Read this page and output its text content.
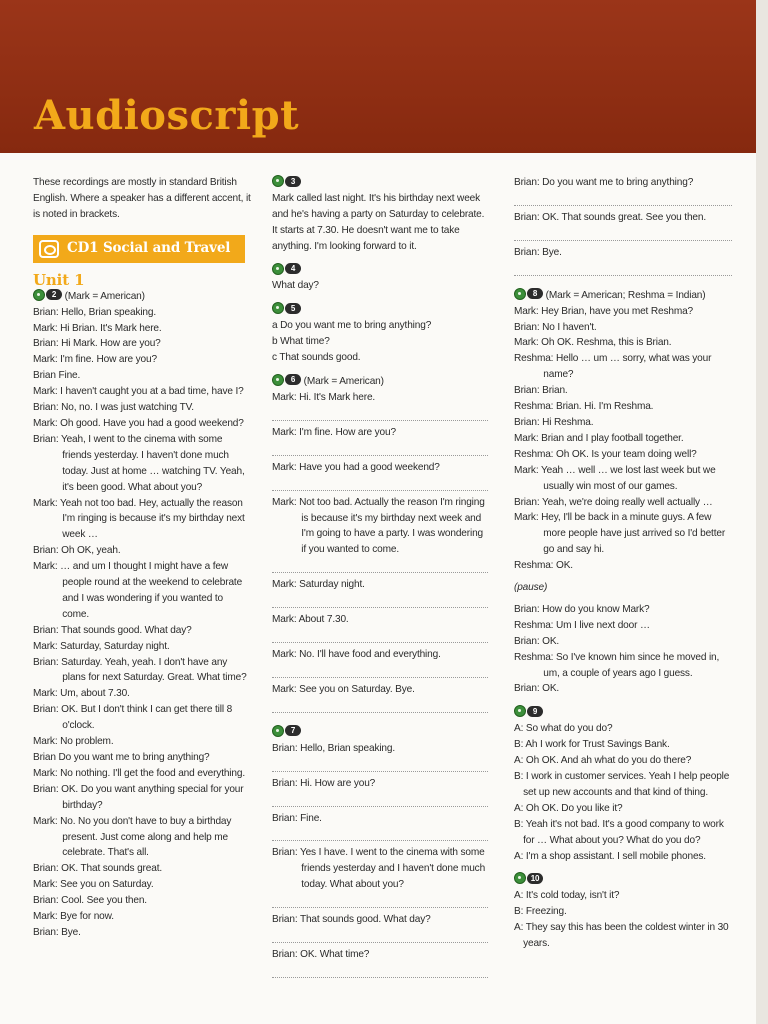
Audioscript

These recordings are mostly in standard British English. Where a speaker has a different accent, it is noted in brackets.

CD1 Social and Travel
Unit 1
2 (Mark = American)
Brian: Hello, Brian speaking.
Mark: Hi Brian. It's Mark here.
Brian: Hi Mark. How are you?
Mark: I'm fine. How are you?
Brian Fine.
Mark: I haven't caught you at a bad time, have I?
Brian: No, no. I was just watching TV.
Mark: Oh good. Have you had a good weekend?
Brian: Yeah, I went to the cinema with some friends yesterday. I haven't done much today. Just at home … watching TV. Yeah, it's been good. What about you?
Mark: Yeah not too bad. Hey, actually the reason I'm ringing is because it's my birthday next week …
Brian: Oh OK, yeah.
Mark: … and um I thought I might have a few people round at the weekend to celebrate and I was wondering if you wanted to come.
Brian: That sounds good. What day?
Mark: Saturday, Saturday night.
Brian: Saturday. Yeah, yeah. I don't have any plans for next Saturday. Great. What time?
Mark: Um, about 7.30.
Brian: OK. But I don't think I can get there till 8 o'clock.
Mark: No problem.
Brian Do you want me to bring anything?
Mark: No nothing. I'll get the food and everything.
Brian: OK. Do you want anything special for your birthday?
Mark: No. No you don't have to buy a birthday present. Just come along and help me celebrate. That's all.
Brian: OK. That sounds great.
Mark: See you on Saturday.
Brian: Cool. See you then.
Mark: Bye for now.
Brian: Bye.
3

Mark called last night. It's his birthday next week and he's having a party on Saturday to celebrate. It starts at 7.30. He doesn't want me to take anything. I'm looking forward to it.

4

What day?

5
a Do you want me to bring anything?
b What time?
c That sounds good.
6 (Mark = American)
Mark: Hi. It's Mark here.
Mark: I'm fine. How are you?
Mark: Have you had a good weekend?
Mark: Not too bad. Actually the reason I'm ringing is because it's my birthday next week and I'm going to have a party. I was wondering if you wanted to come.
Mark: Saturday night.
Mark: About 7.30.
Mark: No. I'll have food and everything.
Mark: See you on Saturday. Bye.
7
Brian: Hello, Brian speaking.
Brian: Hi. How are you?
Brian: Fine.
Brian: Yes I have. I went to the cinema with some friends yesterday and I haven't done much today. What about you?
Brian: That sounds good. What day?
Brian: OK. What time?
Brian: Do you want me to bring anything?
Brian: OK. That sounds great. See you then.
Brian: Bye.
8 (Mark = American; Reshma = Indian)
Mark: Hey Brian, have you met Reshma?
Brian: No I haven't.
Mark: Oh OK. Reshma, this is Brian.
Reshma: Hello … um … sorry, what was your name?
Brian: Brian.
Reshma: Brian. Hi. I'm Reshma.
Brian: Hi Reshma.
Mark: Brian and I play football together.
Reshma: Oh OK. Is your team doing well?
Mark: Yeah … well … we lost last week but we usually win most of our games.
Brian: Yeah, we're doing really well actually …
Mark: Hey, I'll be back in a minute guys. A few more people have just arrived so I'd better go and say hi.
Reshma: OK.
(pause)
Brian: How do you know Mark?
Reshma: Um I live next door …
Brian: OK.
Reshma: So I've known him since he moved in, um, a couple of years ago I guess.
Brian: OK.
9
A: So what do you do?
B: Ah I work for Trust Savings Bank.
A: Oh OK. And ah what do you do there?
B: I work in customer services. Yeah I help people set up new accounts and that kind of thing.
A: Oh OK. Do you like it?
B: Yeah it's not bad. It's a good company to work for … What about you? What do you do?
A: I'm a shop assistant. I sell mobile phones.
10
A: It's cold today, isn't it?
B: Freezing.
A: They say this has been the coldest winter in 30 years.
